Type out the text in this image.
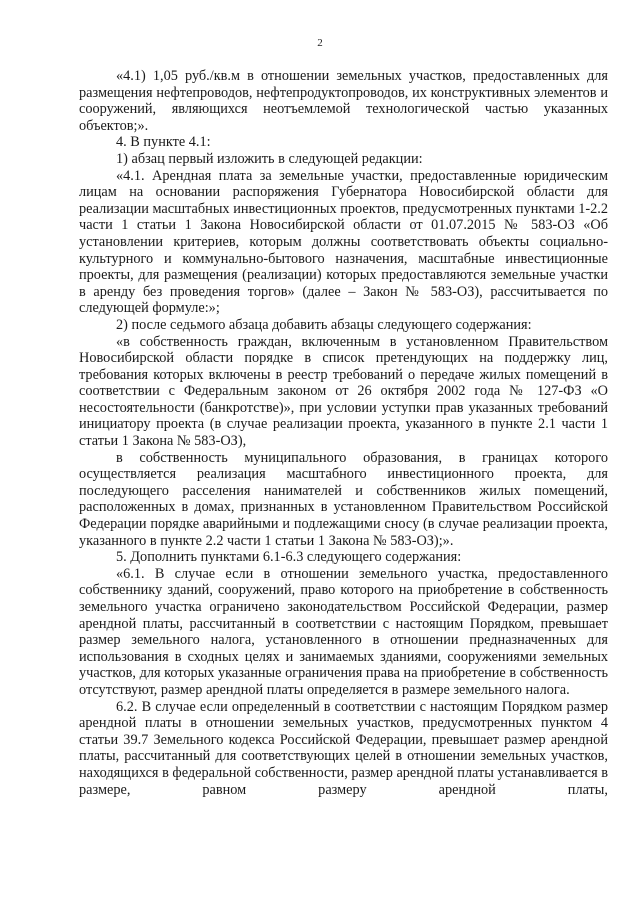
2

«4.1) 1,05 руб./кв.м в отношении земельных участков, предоставленных для размещения нефтепроводов, нефтепродуктопроводов, их конструктивных элементов и сооружений, являющихся неотъемлемой технологической частью указанных объектов;».

4. В пункте 4.1:

1) абзац первый изложить в следующей редакции:

«4.1. Арендная плата за земельные участки, предоставленные юридическим лицам на основании распоряжения Губернатора Новосибирской области для реализации масштабных инвестиционных проектов, предусмотренных пунктами 1-2.2 части 1 статьи 1 Закона Новосибирской области от 01.07.2015 № 583-ОЗ «Об установлении критериев, которым должны соответствовать объекты социально-культурного и коммунально-бытового назначения, масштабные инвестиционные проекты, для размещения (реализации) которых предоставляются земельные участки в аренду без проведения торгов» (далее – Закон № 583-ОЗ), рассчитывается по следующей формуле:»;

2) после седьмого абзаца добавить абзацы следующего содержания:

«в собственность граждан, включенным в установленном Правительством Новосибирской области порядке в список претендующих на поддержку лиц, требования которых включены в реестр требований о передаче жилых помещений в соответствии с Федеральным законом от 26 октября 2002 года № 127-ФЗ «О несостоятельности (банкротстве)», при условии уступки прав указанных требований инициатору проекта (в случае реализации проекта, указанного в пункте 2.1 части 1 статьи 1 Закона № 583-ОЗ),

в собственность муниципального образования, в границах которого осуществляется реализация масштабного инвестиционного проекта, для последующего расселения нанимателей и собственников жилых помещений, расположенных в домах, признанных в установленном Правительством Российской Федерации порядке аварийными и подлежащими сносу (в случае реализации проекта, указанного в пункте 2.2 части 1 статьи 1 Закона № 583-ОЗ);».

5. Дополнить пунктами 6.1-6.3 следующего содержания:

«6.1. В случае если в отношении земельного участка, предоставленного собственнику зданий, сооружений, право которого на приобретение в собственность земельного участка ограничено законодательством Российской Федерации, размер арендной платы, рассчитанный в соответствии с настоящим Порядком, превышает размер земельного налога, установленного в отношении предназначенных для использования в сходных целях и занимаемых зданиями, сооружениями земельных участков, для которых указанные ограничения права на приобретение в собственность отсутствуют, размер арендной платы определяется в размере земельного налога.

6.2. В случае если определенный в соответствии с настоящим Порядком размер арендной платы в отношении земельных участков, предусмотренных пунктом 4 статьи 39.7 Земельного кодекса Российской Федерации, превышает размер арендной платы, рассчитанный для соответствующих целей в отношении земельных участков, находящихся в федеральной собственности, размер арендной платы устанавливается в размере, равном размеру арендной платы,
